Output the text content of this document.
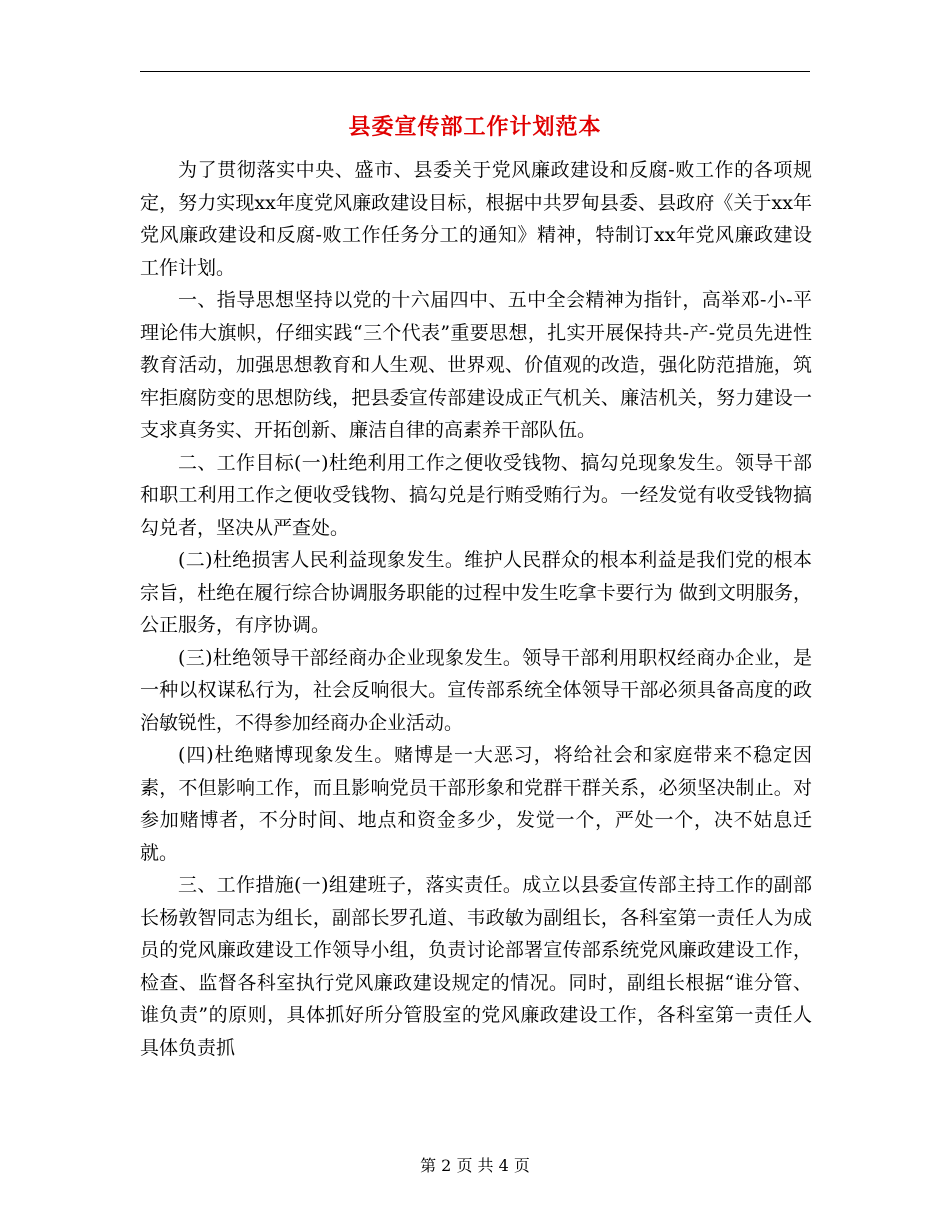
县委宣传部工作计划范本

为了贯彻落实中央、盛市、县委关于党风廉政建设和反腐-败工作的各项规定，努力实现xx年度党风廉政建设目标，根据中共罗甸县委、县政府《关于xx年党风廉政建设和反腐-败工作任务分工的通知》精神，特制订xx年党风廉政建设工作计划。

一、指导思想坚持以党的十六届四中、五中全会精神为指针，高举邓-小-平理论伟大旗帜，仔细实践“三个代表”重要思想，扎实开展保持共-产-党员先进性教育活动，加强思想教育和人生观、世界观、价值观的改造，强化防范措施，筑牢拒腐防变的思想防线，把县委宣传部建设成正气机关、廉洁机关，努力建设一支求真务实、开拓创新、廉洁自律的高素养干部队伍。

二、工作目标(一)杜绝利用工作之便收受钱物、搞勾兑现象发生。领导干部和职工利用工作之便收受钱物、搞勾兑是行贿受贿行为。一经发觉有收受钱物搞勾兑者，坚决从严查处。

(二)杜绝损害人民利益现象发生。维护人民群众的根本利益是我们党的根本宗旨，杜绝在履行综合协调服务职能的过程中发生吃拿卡要行为 做到文明服务，公正服务，有序协调。

(三)杜绝领导干部经商办企业现象发生。领导干部利用职权经商办企业，是一种以权谋私行为，社会反响很大。宣传部系统全体领导干部必须具备高度的政治敏锐性，不得参加经商办企业活动。

(四)杜绝赌博现象发生。赌博是一大恶习，将给社会和家庭带来不稳定因素，不但影响工作，而且影响党员干部形象和党群干群关系，必须坚决制止。对参加赌博者，不分时间、地点和资金多少，发觉一个，严处一个，决不姑息迁就。

三、工作措施(一)组建班子，落实责任。成立以县委宣传部主持工作的副部长杨敦智同志为组长，副部长罗孔道、韦政敏为副组长，各科室第一责任人为成员的党风廉政建设工作领导小组，负责讨论部署宣传部系统党风廉政建设工作，检查、监督各科室执行党风廉政建设规定的情况。同时，副组长根据“谁分管、谁负责”的原则，具体抓好所分管股室的党风廉政建设工作，各科室第一责任人具体负责抓

第 2 页 共 4 页
